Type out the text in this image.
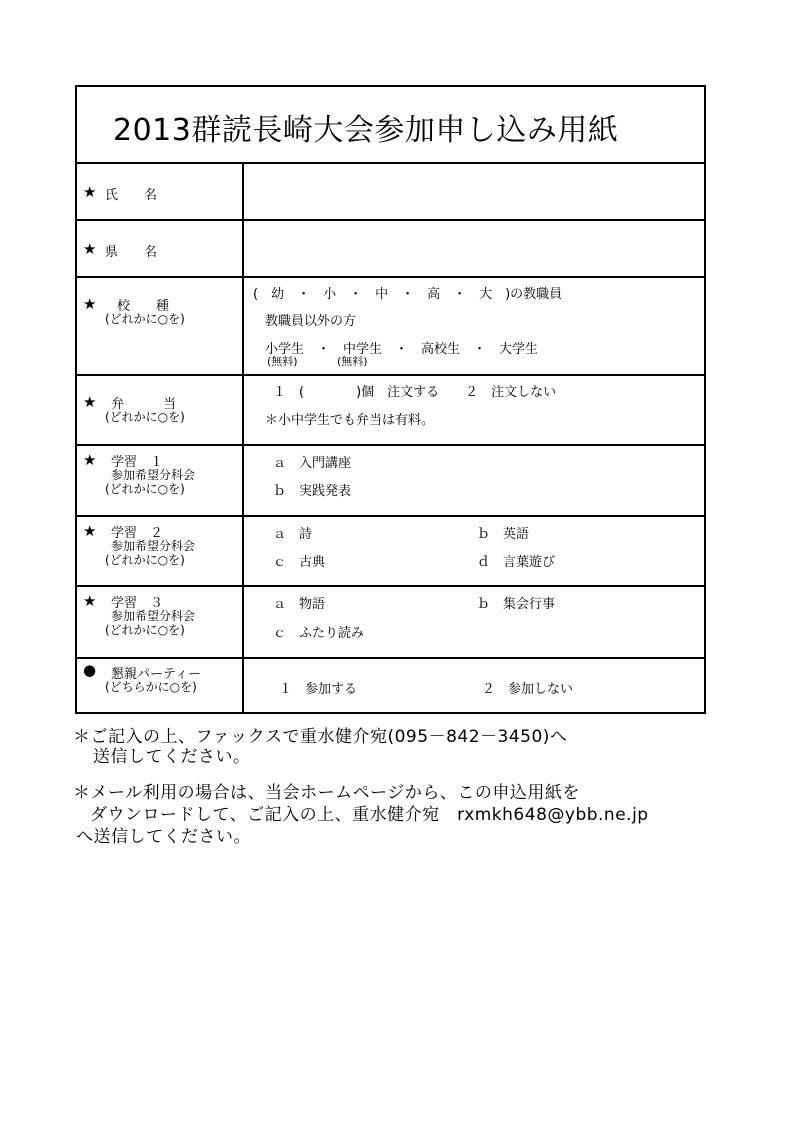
2013群読長崎大会参加申し込み用紙
★ 氏　　名
★ 県　　名
★ 校　　種
(どれかに○を)
(　幼　・　小　・　中　・　高　・　大　)の教職員
教職員以外の方
小学生　・　中学生　・　高校生　・　大学生
(無料)	(無料)
★ 弁　　　当
(どれかに○を)
１　(　　　　)個　注文する　　２　注文しない
＊小中学生でも弁当は有料。
★ 学習　１
参加希望分科会
(どれかに○を)
ａ　入門講座
ｂ　実践発表
★ 学習　２
参加希望分科会
(どれかに○を)
ａ　詩	ｂ　英語
ｃ　古典	ｄ　言葉遊び
★ 学習　３
参加希望分科会
(どれかに○を)
ａ　物語	ｂ　集会行事
ｃ　ふたり読み
● 懇親パーティー
(どちらかに○を)	１　参加する	２　参加しない
＊ご記入の上、ファックスで重水健介宛(095－842－3450)へ
送信してください。
＊メール利用の場合は、当会ホームページから、この申込用紙を
ダウンロードして、ご記入の上、重水健介宛　rxmkh648@ybb.ne.jp
へ送信してください。
